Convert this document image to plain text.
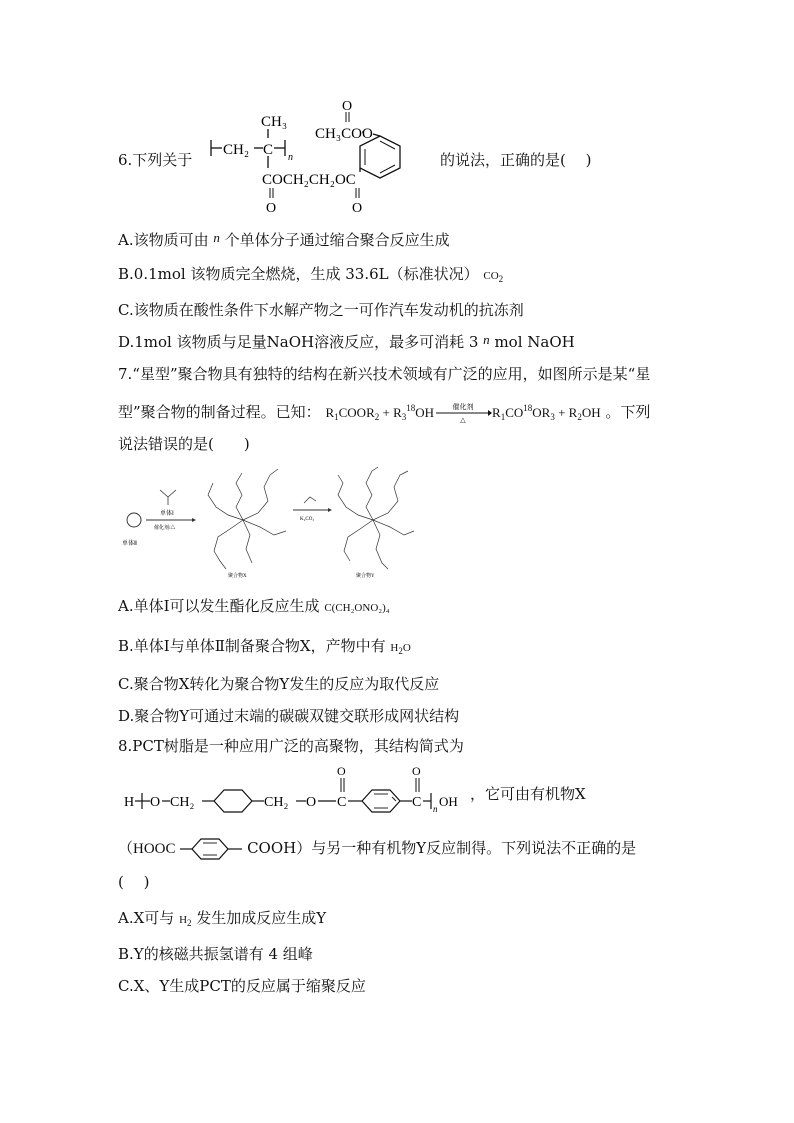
6.下列关于
CH₂ C n
CH₃
COCH₂CH₂OC
O	O
CH₃CO O
O
的说法，正确的是(　 )
A.该物质可由 n 个单体分子通过缩合聚合反应生成
B.0.1mol 该物质完全燃烧，生成 33.6L（标准状况） $CO_2$
C.该物质在酸性条件下水解产物之一可作汽车发动机的抗冻剂
D.1mol 该物质与足量NaOH溶液反应，最多可消耗 3 n mol NaOH
7.“星型”聚合物具有独特的结构在新兴技术领域有广泛的应用，如图所示是某“星
型”聚合物的制备过程。已知： $R_1COOR_2 + R_3^{18}OH$	催化剂
△
$R_1CO^{18}OR_3 + R_2OH$ 。下列
说法错误的是(　　)
单体Ⅱ
单体Ⅰ
催化剂/△
聚合物X
K₂CO₃
聚合物Y
A.单体Ⅰ可以发生酯化反应生成 C(CH₂ONO₂)₄
B.单体Ⅰ与单体Ⅱ制备聚合物X，产物中有 $H_2O$
C.聚合物X转化为聚合物Y发生的反应为取代反应
D.聚合物Y可通过末端的碳碳双键交联形成网状结构
8.PCT树脂是一种应用广泛的高聚物，其结构简式为
H O CH₂	CH₂ O C
O
C
O
n OH ，它可由有机物X
（HOOC	COOH）与另一种有机物Y反应制得。下列说法不正确的是
(　 )
A.X可与 $H_2$ 发生加成反应生成Y
B.Y的核磁共振氢谱有 4 组峰
C.X、Y生成PCT的反应属于缩聚反应
